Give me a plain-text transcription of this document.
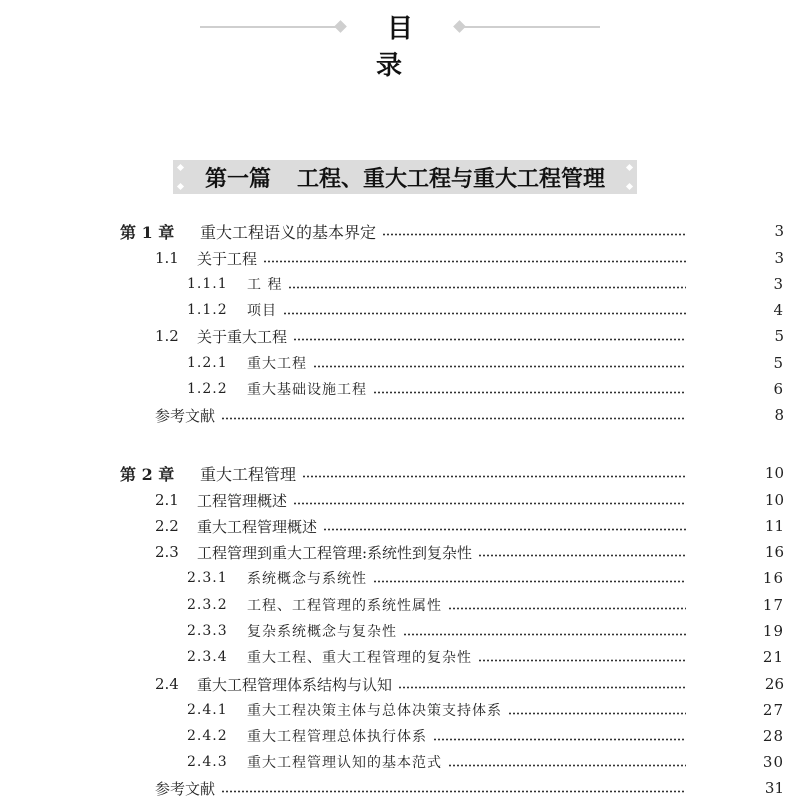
目录
第一篇 工程、重大工程与重大工程管理
第 1 章	重大工程语义的基本界定	3
1.1	关于工程	3
1.1.1	工 程	3
1.1.2	项目	4
1.2	关于重大工程	5
1.2.1	重大工程	5
1.2.2	重大基础设施工程	6
参考文献	8
第 2 章	重大工程管理	10
2.1	工程管理概述	10
2.2	重大工程管理概述	11
2.3	工程管理到重大工程管理:系统性到复杂性	16
2.3.1	系统概念与系统性	16
2.3.2	工程、工程管理的系统性属性	17
2.3.3	复杂系统概念与复杂性	19
2.3.4	重大工程、重大工程管理的复杂性	21
2.4	重大工程管理体系结构与认知	26
2.4.1	重大工程决策主体与总体决策支持体系	27
2.4.2	重大工程管理总体执行体系	28
2.4.3	重大工程管理认知的基本范式	30
参考文献	31
